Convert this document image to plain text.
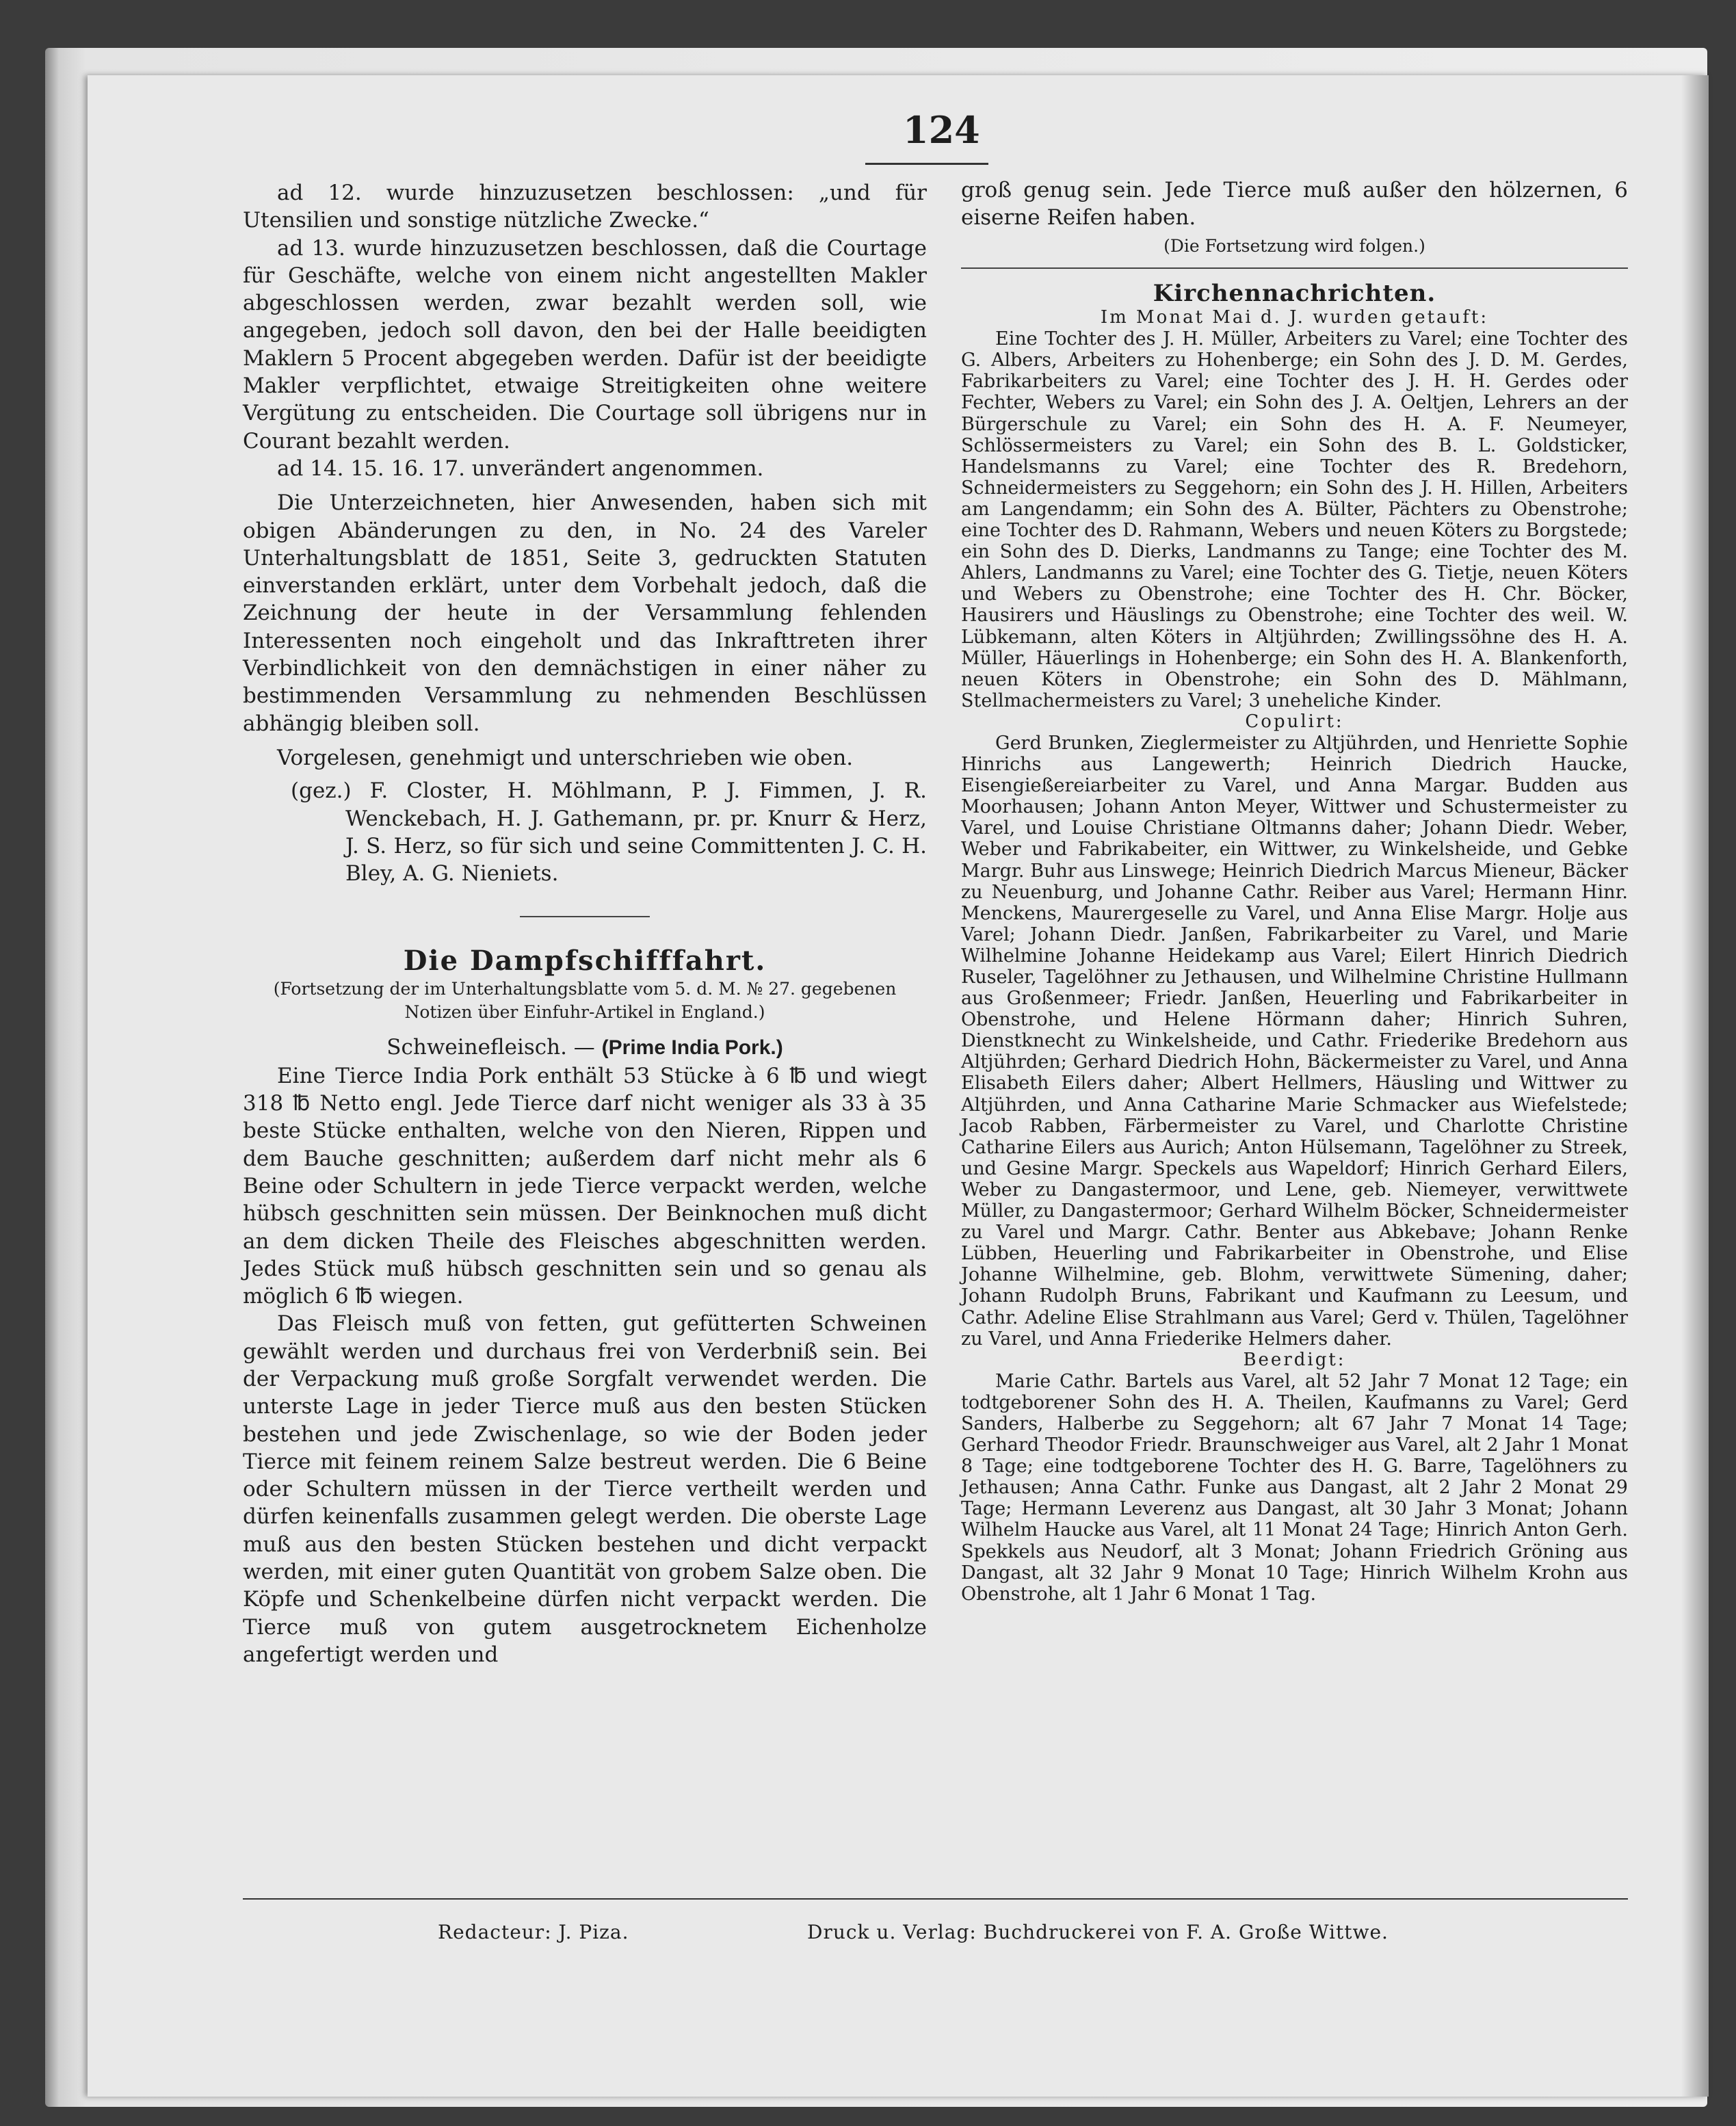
124

ad 12. wurde hinzuzusetzen beschlossen: „und für Utensilien und sonstige nützliche Zwecke.“

ad 13. wurde hinzuzusetzen beschlossen, daß die Courtage für Geschäfte, welche von einem nicht angestellten Makler abgeschlossen werden, zwar bezahlt werden soll, wie angegeben, jedoch soll davon, den bei der Halle beeidigten Maklern 5 Procent abgegeben werden. Dafür ist der beeidigte Makler verpflichtet, etwaige Streitigkeiten ohne weitere Vergütung zu entscheiden. Die Courtage soll übrigens nur in Courant bezahlt werden.

ad 14. 15. 16. 17. unverändert angenommen.

Die Unterzeichneten, hier Anwesenden, haben sich mit obigen Abänderungen zu den, in No. 24 des Vareler Unterhaltungsblatt de 1851, Seite 3, gedruckten Statuten einverstanden erklärt, unter dem Vorbehalt jedoch, daß die Zeichnung der heute in der Versammlung fehlenden Interessenten noch eingeholt und das Inkrafttreten ihrer Verbindlichkeit von den demnächstigen in einer näher zu bestimmenden Versammlung zu nehmenden Beschlüssen abhängig bleiben soll.

Vorgelesen, genehmigt und unterschrieben wie oben.

(gez.) F. Closter, H. Möhlmann, P. J. Fimmen, J. R. Wenckebach, H. J. Gathemann, pr. pr. Knurr & Herz, J. S. Herz, so für sich und seine Committenten J. C. H. Bley, A. G. Nieniets.

Die Dampfschifffahrt.

(Fortsetzung der im Unterhaltungsblatte vom 5. d. M. № 27. gegebenen Notizen über Einfuhr-Artikel in England.)

Schweinefleisch. — (Prime India Pork.)

Eine Tierce India Pork enthält 53 Stücke à 6 ℔ und wiegt 318 ℔ Netto engl. Jede Tierce darf nicht weniger als 33 à 35 beste Stücke enthalten, welche von den Nieren, Rippen und dem Bauche geschnitten; außerdem darf nicht mehr als 6 Beine oder Schultern in jede Tierce verpackt werden, welche hübsch geschnitten sein müssen. Der Beinknochen muß dicht an dem dicken Theile des Fleisches abgeschnitten werden. Jedes Stück muß hübsch geschnitten sein und so genau als möglich 6 ℔ wiegen.

Das Fleisch muß von fetten, gut gefütterten Schweinen gewählt werden und durchaus frei von Verderbniß sein. Bei der Verpackung muß große Sorgfalt verwendet werden. Die unterste Lage in jeder Tierce muß aus den besten Stücken bestehen und jede Zwischenlage, so wie der Boden jeder Tierce mit feinem reinem Salze bestreut werden. Die 6 Beine oder Schultern müssen in der Tierce vertheilt werden und dürfen keinenfalls zusammen gelegt werden. Die oberste Lage muß aus den besten Stücken bestehen und dicht verpackt werden, mit einer guten Quantität von grobem Salze oben. Die Köpfe und Schenkelbeine dürfen nicht verpackt werden. Die Tierce muß von gutem ausgetrocknetem Eichenholze angefertigt werden und

groß genug sein. Jede Tierce muß außer den hölzernen, 6 eiserne Reifen haben.

(Die Fortsetzung wird folgen.)

Kirchennachrichten.

Im Monat Mai d. J. wurden getauft:

Eine Tochter des J. H. Müller, Arbeiters zu Varel; eine Tochter des G. Albers, Arbeiters zu Hohenberge; ein Sohn des J. D. M. Gerdes, Fabrikarbeiters zu Varel; eine Tochter des J. H. H. Gerdes oder Fechter, Webers zu Varel; ein Sohn des J. A. Oeltjen, Lehrers an der Bürgerschule zu Varel; ein Sohn des H. A. F. Neumeyer, Schlössermeisters zu Varel; ein Sohn des B. L. Goldsticker, Handelsmanns zu Varel; eine Tochter des R. Bredehorn, Schneidermeisters zu Seggehorn; ein Sohn des J. H. Hillen, Arbeiters am Langendamm; ein Sohn des A. Bülter, Pächters zu Obenstrohe; eine Tochter des D. Rahmann, Webers und neuen Köters zu Borgstede; ein Sohn des D. Dierks, Landmanns zu Tange; eine Tochter des M. Ahlers, Landmanns zu Varel; eine Tochter des G. Tietje, neuen Köters und Webers zu Obenstrohe; eine Tochter des H. Chr. Böcker, Hausirers und Häuslings zu Obenstrohe; eine Tochter des weil. W. Lübkemann, alten Köters in Altjührden; Zwillingssöhne des H. A. Müller, Häuerlings in Hohenberge; ein Sohn des H. A. Blankenforth, neuen Köters in Obenstrohe; ein Sohn des D. Mählmann, Stellmachermeisters zu Varel; 3 uneheliche Kinder.

Copulirt:

Gerd Brunken, Zieglermeister zu Altjührden, und Henriette Sophie Hinrichs aus Langewerth; Heinrich Diedrich Haucke, Eisengießereiarbeiter zu Varel, und Anna Margar. Budden aus Moorhausen; Johann Anton Meyer, Wittwer und Schustermeister zu Varel, und Louise Christiane Oltmanns daher; Johann Diedr. Weber, Weber und Fabrikabeiter, ein Wittwer, zu Winkelsheide, und Gebke Margr. Buhr aus Linswege; Heinrich Diedrich Marcus Mieneur, Bäcker zu Neuenburg, und Johanne Cathr. Reiber aus Varel; Hermann Hinr. Menckens, Maurergeselle zu Varel, und Anna Elise Margr. Holje aus Varel; Johann Diedr. Janßen, Fabrikarbeiter zu Varel, und Marie Wilhelmine Johanne Heidekamp aus Varel; Eilert Hinrich Diedrich Ruseler, Tagelöhner zu Jethausen, und Wilhelmine Christine Hullmann aus Großenmeer; Friedr. Janßen, Heuerling und Fabrikarbeiter in Obenstrohe, und Helene Hörmann daher; Hinrich Suhren, Dienstknecht zu Winkelsheide, und Cathr. Friederike Bredehorn aus Altjührden; Gerhard Diedrich Hohn, Bäckermeister zu Varel, und Anna Elisabeth Eilers daher; Albert Hellmers, Häusling und Wittwer zu Altjührden, und Anna Catharine Marie Schmacker aus Wiefelstede; Jacob Rabben, Färbermeister zu Varel, und Charlotte Christine Catharine Eilers aus Aurich; Anton Hülsemann, Tagelöhner zu Streek, und Gesine Margr. Speckels aus Wapeldorf; Hinrich Gerhard Eilers, Weber zu Dangastermoor, und Lene, geb. Niemeyer, verwittwete Müller, zu Dangastermoor; Gerhard Wilhelm Böcker, Schneidermeister zu Varel und Margr. Cathr. Benter aus Abkebave; Johann Renke Lübben, Heuerling und Fabrikarbeiter in Obenstrohe, und Elise Johanne Wilhelmine, geb. Blohm, verwittwete Sümening, daher; Johann Rudolph Bruns, Fabrikant und Kaufmann zu Leesum, und Cathr. Adeline Elise Strahlmann aus Varel; Gerd v. Thülen, Tagelöhner zu Varel, und Anna Friederike Helmers daher.

Beerdigt:

Marie Cathr. Bartels aus Varel, alt 52 Jahr 7 Monat 12 Tage; ein todtgeborener Sohn des H. A. Theilen, Kaufmanns zu Varel; Gerd Sanders, Halberbe zu Seggehorn; alt 67 Jahr 7 Monat 14 Tage; Gerhard Theodor Friedr. Braunschweiger aus Varel, alt 2 Jahr 1 Monat 8 Tage; eine todtgeborene Tochter des H. G. Barre, Tagelöhners zu Jethausen; Anna Cathr. Funke aus Dangast, alt 2 Jahr 2 Monat 29 Tage; Hermann Leverenz aus Dangast, alt 30 Jahr 3 Monat; Johann Wilhelm Haucke aus Varel, alt 11 Monat 24 Tage; Hinrich Anton Gerh. Spekkels aus Neudorf, alt 3 Monat; Johann Friedrich Gröning aus Dangast, alt 32 Jahr 9 Monat 10 Tage; Hinrich Wilhelm Krohn aus Obenstrohe, alt 1 Jahr 6 Monat 1 Tag.

Redacteur: J. Piza.	Druck u. Verlag: Buchdruckerei von F. A. Große Wittwe.
